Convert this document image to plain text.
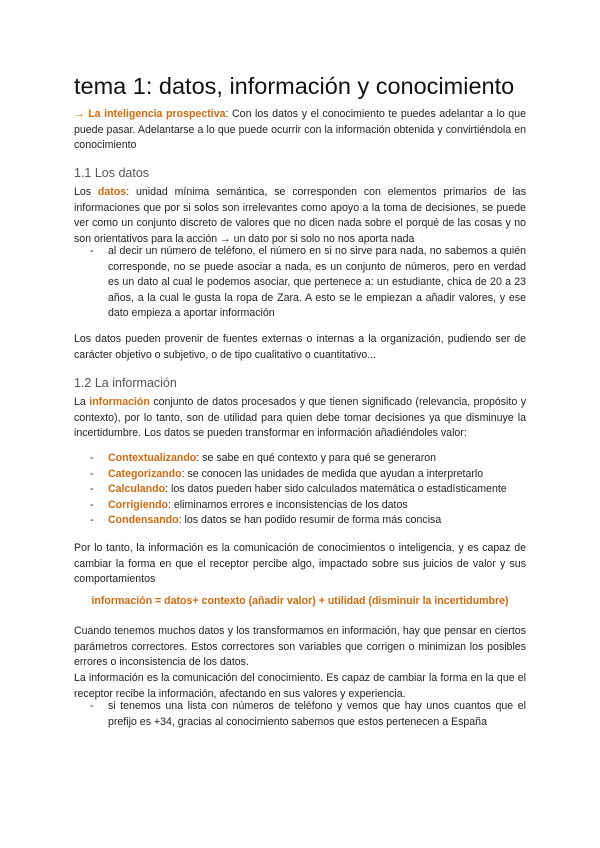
tema 1: datos, información y conocimiento

→ La inteligencia prospectiva: Con los datos y el conocimiento te puedes adelantar a lo que puede pasar. Adelantarse a lo que puede ocurrir con la información obtenida y convirtiéndola en conocimiento

1.1 Los datos

Los datos: unidad mínima semántica, se corresponden con elementos primarios de las informaciones que por si solos son irrelevantes como apoyo a la toma de decisiones, se puede ver como un conjunto discreto de valores que no dicen nada sobre el porqué de las cosas y no son orientativos para la acción → un dato por si solo no nos aporta nada

- al decir un número de teléfono, el número en si no sirve para nada, no sabemos a quién corresponde, no se puede asociar a nada, es un conjunto de números, pero en verdad es un dato al cual le podemos asociar, que pertenece a: un estudiante, chica de 20 a 23 años, a la cual le gusta la ropa de Zara. A esto se le empiezan a añadir valores, y ese dato empieza a aportar información

Los datos pueden provenir de fuentes externas o internas a la organización, pudiendo ser de carácter objetivo o subjetivo, o de tipo cualitativo o cuantitativo...

1.2 La información

La información conjunto de datos procesados y que tienen significado (relevancia, propósito y contexto), por lo tanto, son de utilidad para quien debe tomar decisiones ya que disminuye la incertidumbre. Los datos se pueden transformar en información añadiéndoles valor:

- Contextualizando: se sabe en qué contexto y para qué se generaron
- Categorizando: se conocen las unidades de medida que ayudan a interpretarlo
- Calculando: los datos pueden haber sido calculados matemática o estadísticamente
- Corrigiendo: eliminamos errores e inconsistencias de los datos
- Condensando: los datos se han podido resumir de forma más concisa

Por lo tanto, la información es la comunicación de conocimientos o inteligencia, y es capaz de cambiar la forma en que el receptor percibe algo, impactado sobre sus juicios de valor y sus comportamientos

información = datos+ contexto (añadir valor) + utilidad (disminuir la incertidumbre)

Cuando tenemos muchos datos y los transformamos en información, hay que pensar en ciertos parámetros correctores. Estos correctores son variables que corrigen o minimizan los posibles errores o inconsistencia de los datos.

La información es la comunicación del conocimiento. Es capaz de cambiar la forma en la que el receptor recibe la información, afectando en sus valores y experiencia.

- si tenemos una lista con números de teléfono y vemos que hay unos cuantos que el prefijo es +34, gracias al conocimiento sabemos que estos pertenecen a España
